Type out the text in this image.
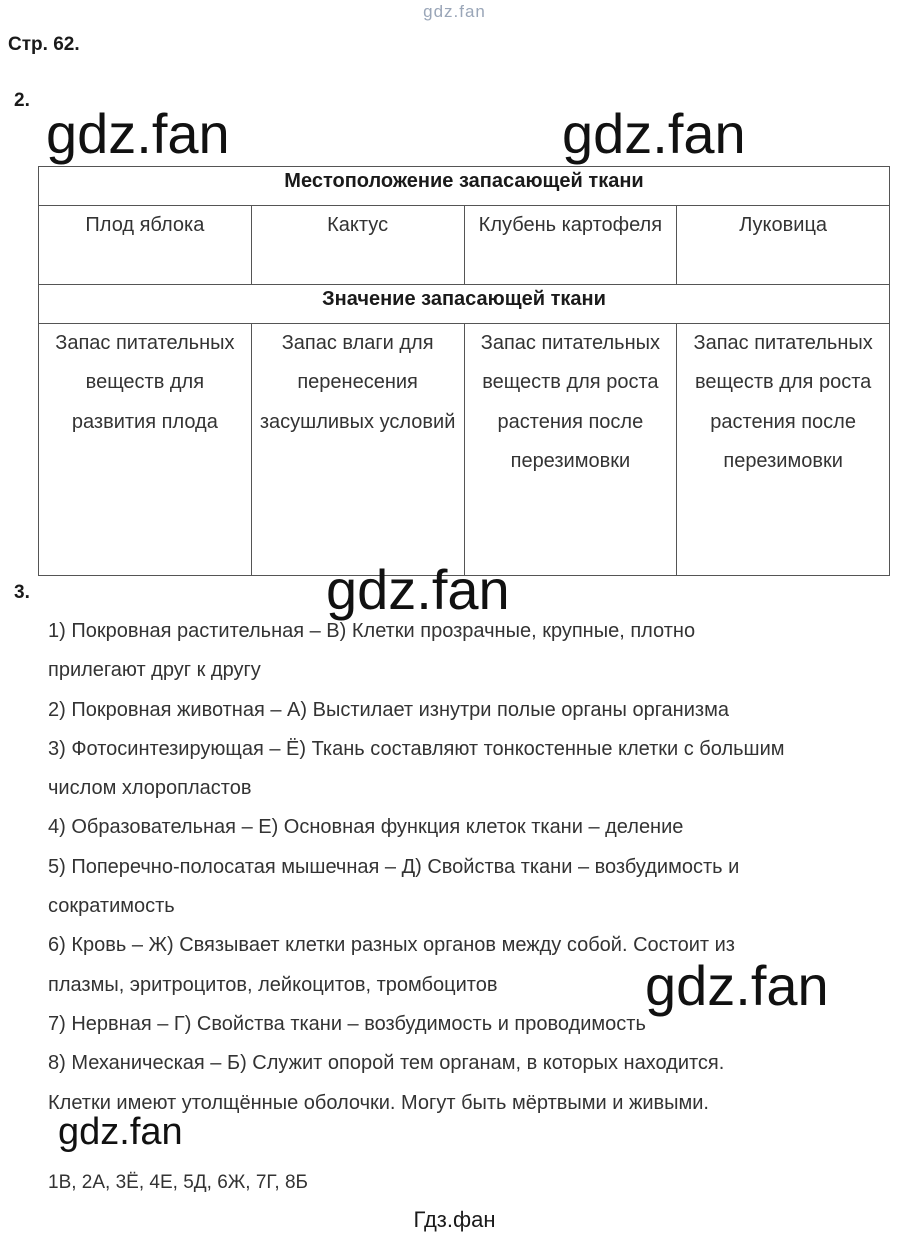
gdz.fan
Стр. 62.
2.
gdz.fan	gdz.fan
Местоположение запасающей ткани			
Плод яблока	Кактус	Клубень картофеля	Луковица
Значение запасающей ткани			
Запас питательных веществ для развития плода	Запас влаги для перенесения засушливых условий	Запас питательных веществ для роста растения после перезимовки	Запас питательных веществ для роста растения после перезимовки
3.	gdz.fan

1) Покровная растительная – В) Клетки прозрачные, крупные, плотно

прилегают друг к другу

2) Покровная животная – А) Выстилает изнутри полые органы организма

3) Фотосинтезирующая – Ё) Ткань составляют тонкостенные клетки с большим

числом хлоропластов

4) Образовательная – Е) Основная функция клеток ткани – деление

5) Поперечно-полосатая мышечная – Д) Свойства ткани – возбудимость и

сократимость

6) Кровь – Ж) Связывает клетки разных органов между собой. Состоит из

плазмы, эритроцитов, лейкоцитов, тромбоцитов

7) Нервная – Г) Свойства ткани – возбудимость и проводимость

8) Механическая – Б) Служит опорой тем органам, в которых находится.

Клетки имеют утолщённые оболочки. Могут быть мёртвыми и живыми.

gdz.fan
gdz.fan
1В, 2А, 3Ё, 4Е, 5Д, 6Ж, 7Г, 8Б
Гдз.фан
